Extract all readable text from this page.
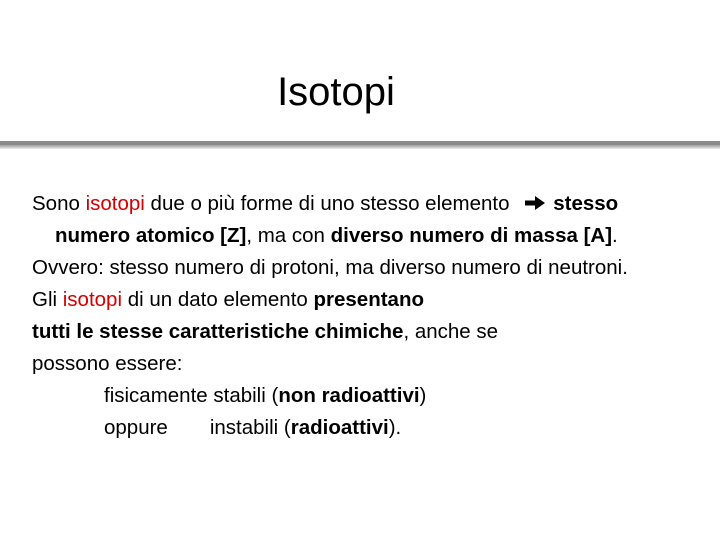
Isotopi

Sono isotopi due o più forme di uno stesso elemento stesso numero atomico [Z], ma con diverso numero di massa [A].

Ovvero: stesso numero di protoni, ma diverso numero di neutroni.

Gli isotopi di un dato elemento presentano

tutti le stesse caratteristiche chimiche, anche se

possono essere:

fisicamente stabili (non radioattivi)

oppure instabili (radioattivi).
